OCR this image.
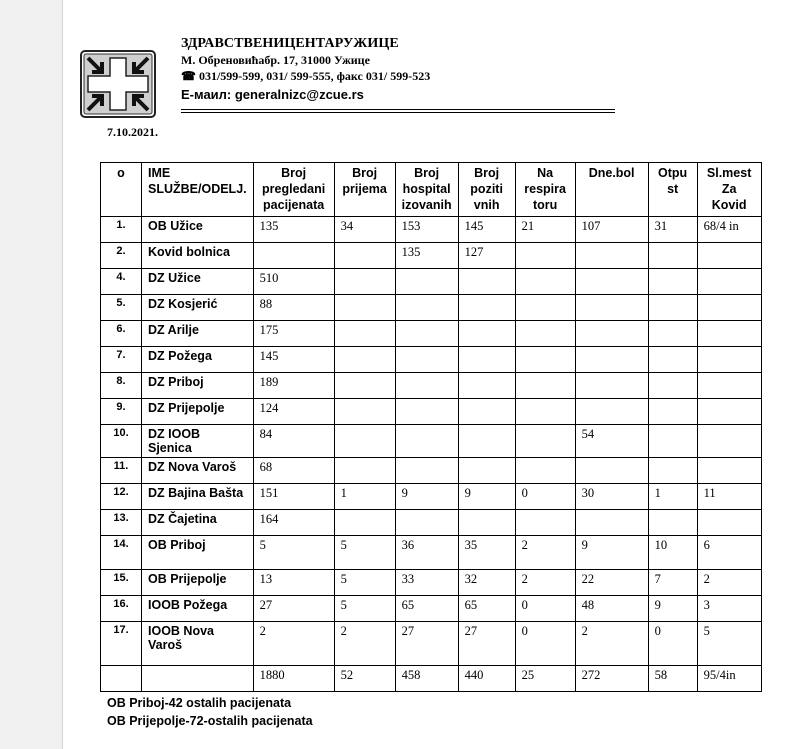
7.10.2021.
ЗДРАВСТВЕНИЦЕНТАРУЖИЦЕ
М. Обреновићабр. 17, 31000 Ужице
☎ 031/599-599, 031/ 599-555, факс 031/ 599-523
Е-маил: generalnizc@zcue.rs
o	IME SLUŽBE/ODELJ.	Broj pregledani pacijenata	Broj prijema	Broj hospital izovanih	Broj poziti vnih	Na respira toru	Dne.bol	Otpu st	Sl.mest Za Kovid
1.	OB Užice	135	34	153	145	21	107	31	68/4 in
2.	Kovid bolnica			135	127				
4.	DZ Užice	510							
5.	DZ Kosjerić	88							
6.	DZ Arilje	175							
7.	DZ Požega	145							
8.	DZ Priboj	189							
9.	DZ Prijepolje	124							
10.	DZ IOOB Sjenica	84					54		
11.	DZ Nova Varoš	68							
12.	DZ Bajina Bašta	151	1	9	9	0	30	1	11
13.	DZ Čajetina	164							
14.	OB Priboj	5	5	36	35	2	9	10	6
15.	OB Prijepolje	13	5	33	32	2	22	7	2
16.	IOOB Požega	27	5	65	65	0	48	9	3
17.	IOOB Nova Varoš	2	2	27	27	0	2	0	5
		1880	52	458	440	25	272	58	95/4in
OB Priboj-42 ostalih pacijenata
OB Prijepolje-72-ostalih pacijenata
